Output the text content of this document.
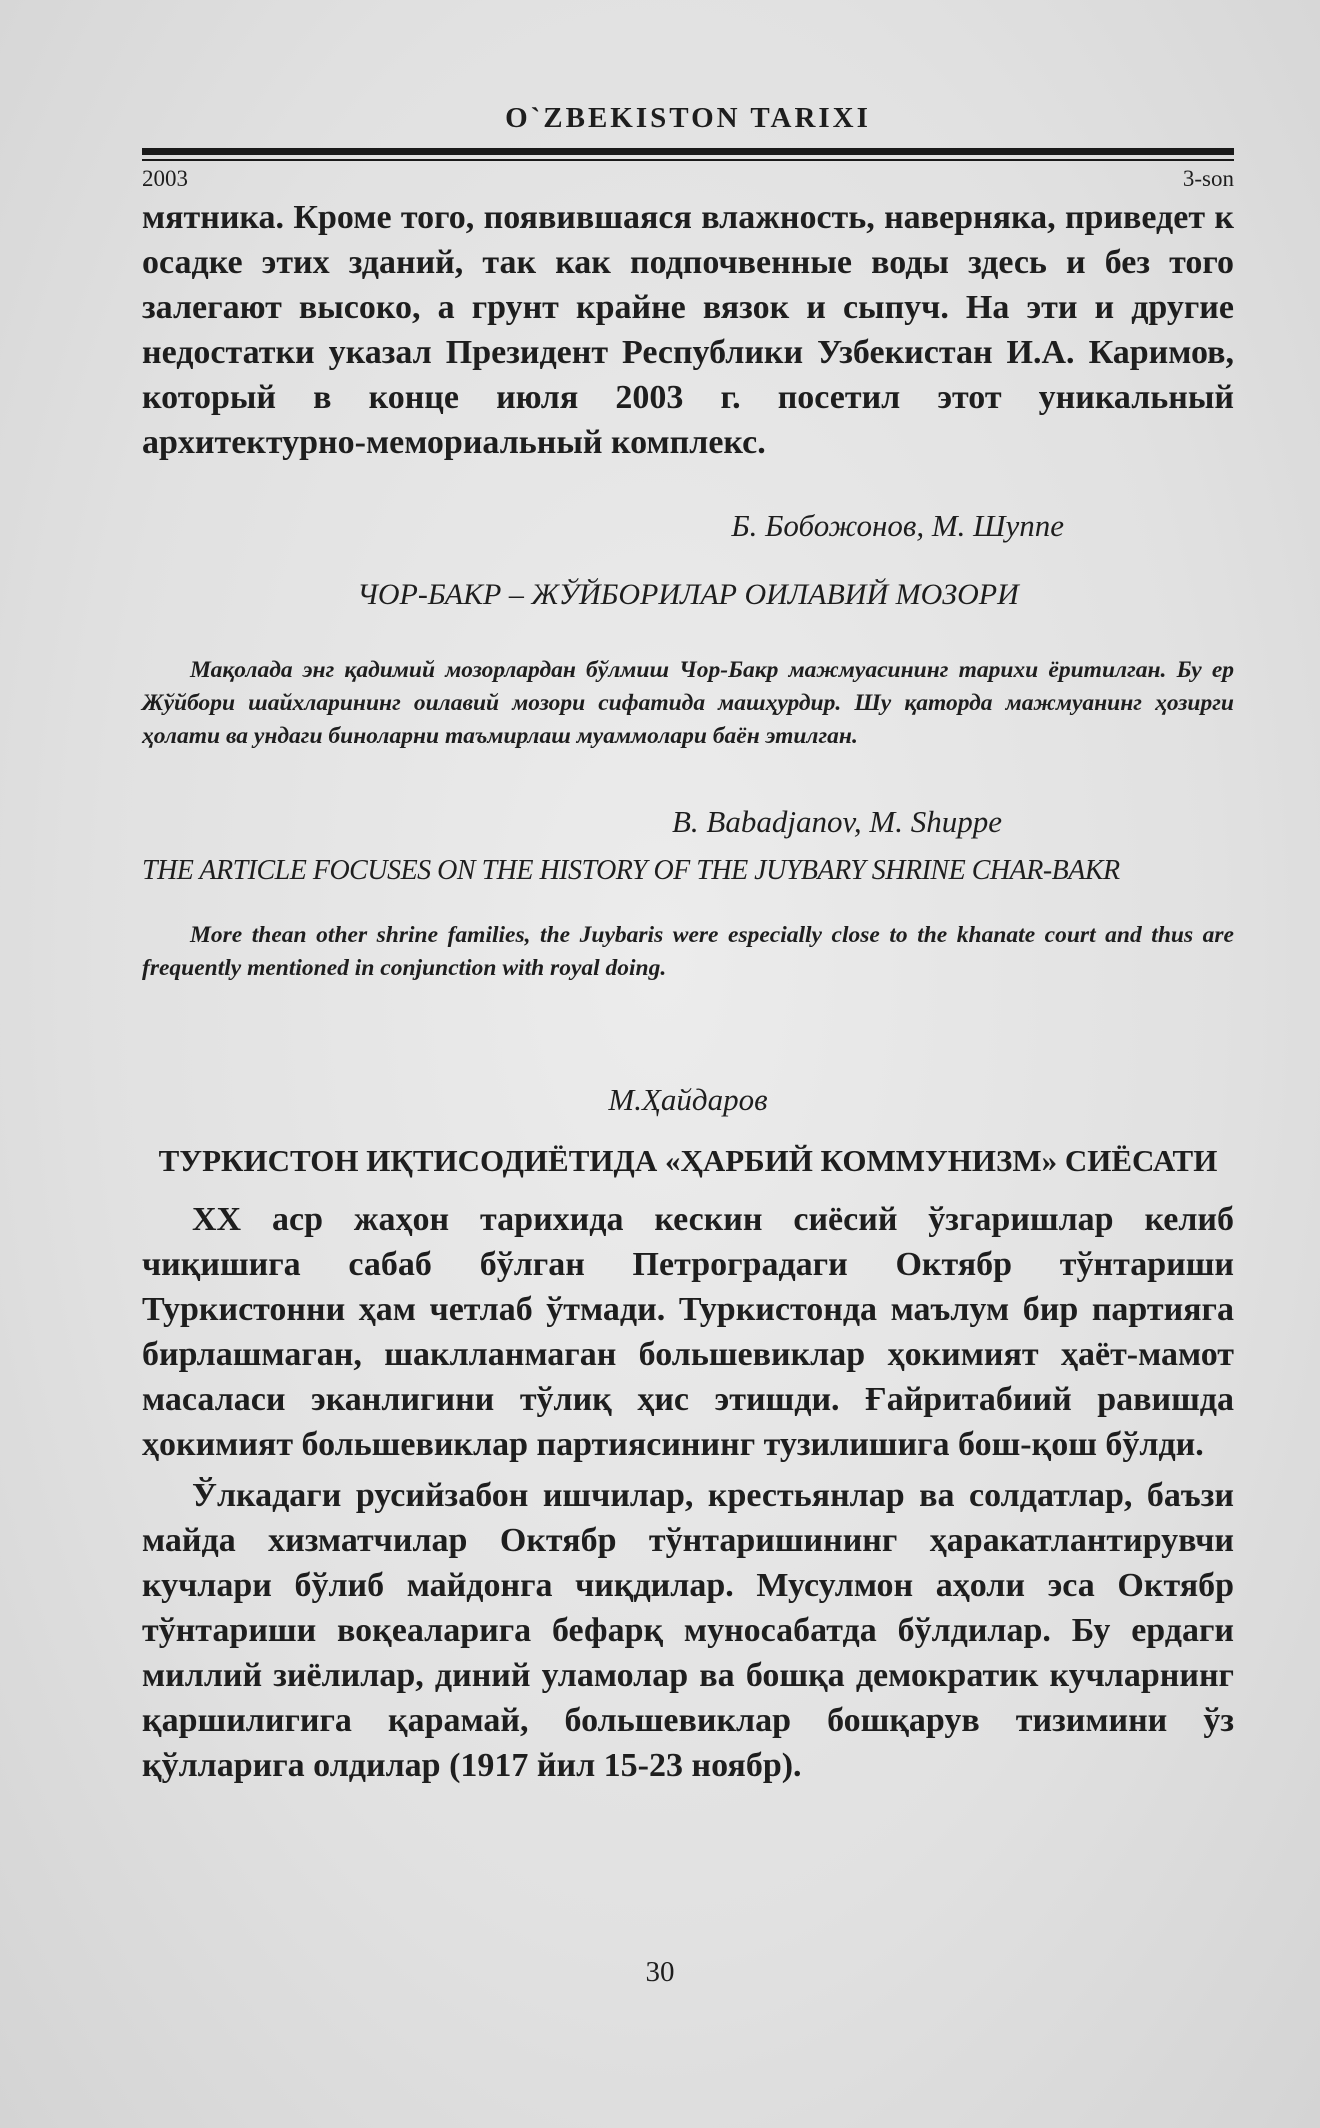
O`ZBEKISTON TARIXI
2003	3-son

мятника. Кроме того, появившаяся влажность, наверняка, приведет к осадке этих зданий, так как подпочвенные воды здесь и без того залегают высоко, а грунт крайне вязок и сыпуч. На эти и другие недостатки указал Президент Республики Узбекистан И.А. Каримов, который в конце июля 2003 г. посетил этот уникальный архитектурно-мемориальный комплекс.

Б. Бобожонов, М. Шуппе

ЧОР-БАКР – ЖЎЙБОРИЛАР ОИЛАВИЙ МОЗОРИ

Мақолада энг қадимий мозорлардан бўлмиш Чор-Бакр мажмуасининг тарихи ёритилган. Бу ер Жўйбори шайхларининг оилавий мозори сифатида машҳурдир. Шу қаторда мажмуанинг ҳозирги ҳолати ва ундаги биноларни таъмирлаш муаммолари баён этилган.

B. Babadjanov, M. Shuppe

THE ARTICLE FOCUSES ON THE HISTORY OF THE JUYBARY SHRINE CHAR-BAKR

More thean other shrine families, the Juybaris were especially close to the khanate court and thus are frequently mentioned in conjunction with royal doing.

М.Ҳайдаров

ТУРКИСТОН ИҚТИСОДИЁТИДА «ҲАРБИЙ КОММУНИЗМ» СИЁСАТИ

XX аср жаҳон тарихида кескин сиёсий ўзгаришлар келиб чиқишига сабаб бўлган Петроградаги Октябр тўнтариши Туркистонни ҳам четлаб ўтмади. Туркистонда маълум бир партияга бирлашмаган, шаклланмаган большевиклар ҳокимият ҳаёт-мамот масаласи эканлигини тўлиқ ҳис этишди. Ғайритабиий равишда ҳокимият большевиклар партиясининг тузилишига бош-қош бўлди.

Ўлкадаги русийзабон ишчилар, крестьянлар ва солдатлар, баъзи майда хизматчилар Октябр тўнтаришининг ҳаракатлантирувчи кучлари бўлиб майдонга чиқдилар. Мусулмон аҳоли эса Октябр тўнтариши воқеаларига бефарқ муносабатда бўлдилар. Бу ердаги миллий зиёлилар, диний уламолар ва бошқа демократик кучларнинг қаршилигига қарамай, большевиклар бошқарув тизимини ўз қўлларига олдилар (1917 йил 15-23 ноябр).

30
